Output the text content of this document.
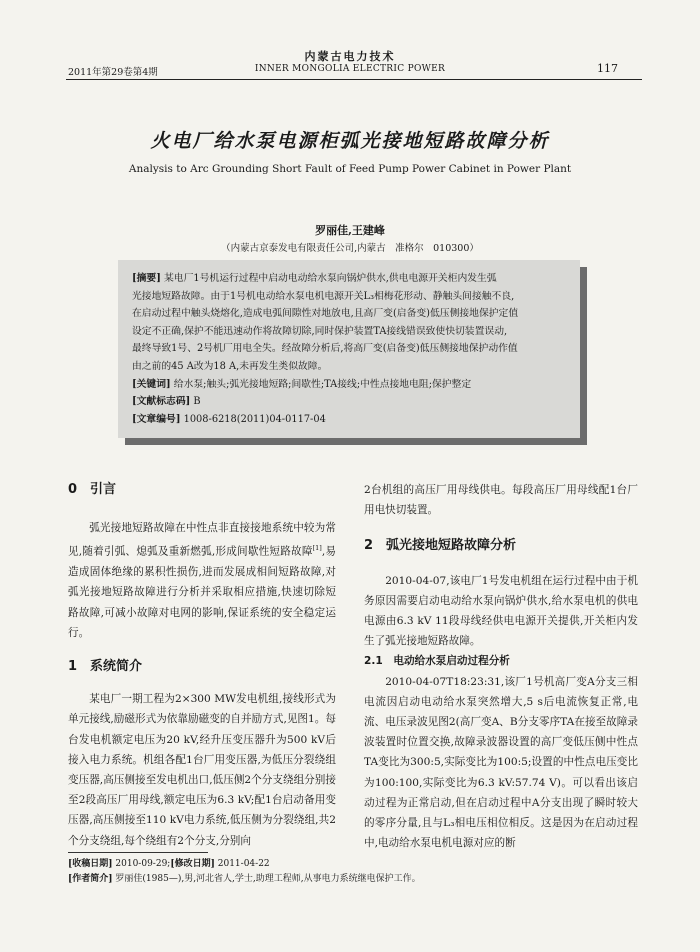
内蒙古电力技术
2011年第29卷第4期	INNER MONGOLIA ELECTRIC POWER	117
火电厂给水泵电源柜弧光接地短路故障分析
Analysis to Arc Grounding Short Fault of Feed Pump Power Cabinet in Power Plant
罗丽佳,王建峰
（内蒙古京泰发电有限责任公司,内蒙古　准格尔　010300）

[摘要] 某电厂1号机运行过程中启动电动给水泵向锅炉供水,供电电源开关柜内发生弧

光接地短路故障。由于1号机电动给水泵电机电源开关L₃相梅花形动、静触头间接触不良,

在启动过程中触头烧熔化,造成电弧间隙性对地放电,且高厂变(启备变)低压侧接地保护定值

设定不正确,保护不能迅速动作将故障切除,同时保护装置TA接线错误致使快切装置误动,

最终导致1号、2号机厂用电全失。经故障分析后,将高厂变(启备变)低压侧接地保护动作值

由之前的45 A改为18 A,未再发生类似故障。

[关键词] 给水泵;触头;弧光接地短路;间歇性;TA接线;中性点接地电阻;保护整定

[文献标志码] B

[文章编号] 1008-6218(2011)04-0117-04

0　引言

弧光接地短路故障在中性点非直接接地系统中较为常见,随着引弧、熄弧及重新燃弧,形成间歇性短路故障[1],易造成固体绝缘的累积性损伤,进而发展成相间短路故障,对弧光接地短路故障进行分析并采取相应措施,快速切除短路故障,可减小故障对电网的影响,保证系统的安全稳定运行。

1　系统简介

某电厂一期工程为2×300 MW发电机组,接线形式为单元接线,励磁形式为依靠励磁变的自并励方式,见图1。每台发电机额定电压为20 kV,经升压变压器升为500 kV后接入电力系统。机组各配1台厂用变压器,为低压分裂绕组变压器,高压侧接至发电机出口,低压侧2个分支绕组分别接至2段高压厂用母线,额定电压为6.3 kV;配1台启动备用变压器,高压侧接至110 kV电力系统,低压侧为分裂绕组,共2个分支绕组,每个绕组有2个分支,分别向

2台机组的高压厂用母线供电。每段高压厂用母线配1台厂用电快切装置。

2　弧光接地短路故障分析

2010-04-07,该电厂1号发电机组在运行过程中由于机务原因需要启动电动给水泵向锅炉供水,给水泵电机的供电电源由6.3 kV 11段母线经供电电源开关提供,开关柜内发生了弧光接地短路故障。

2.1　电动给水泵启动过程分析

2010-04-07T18:23:31,该厂1号机高厂变A分支三相电流因启动电动给水泵突然增大,5 s后电流恢复正常,电流、电压录波见图2(高厂变A、B分支零序TA在接至故障录波装置时位置交换,故障录波器设置的高厂变低压侧中性点TA变比为300:5,实际变比为100:5;设置的中性点电压变比为100:100,实际变比为6.3 kV:57.74 V)。可以看出该启动过程为正常启动,但在启动过程中A分支出现了瞬时较大的零序分量,且与L₃相电压相位相反。这是因为在启动过程中,电动给水泵电机电源对应的断

[收稿日期] 2010-09-29;[修改日期] 2011-04-22
[作者简介] 罗丽佳(1985—),男,河北省人,学士,助理工程师,从事电力系统继电保护工作。
